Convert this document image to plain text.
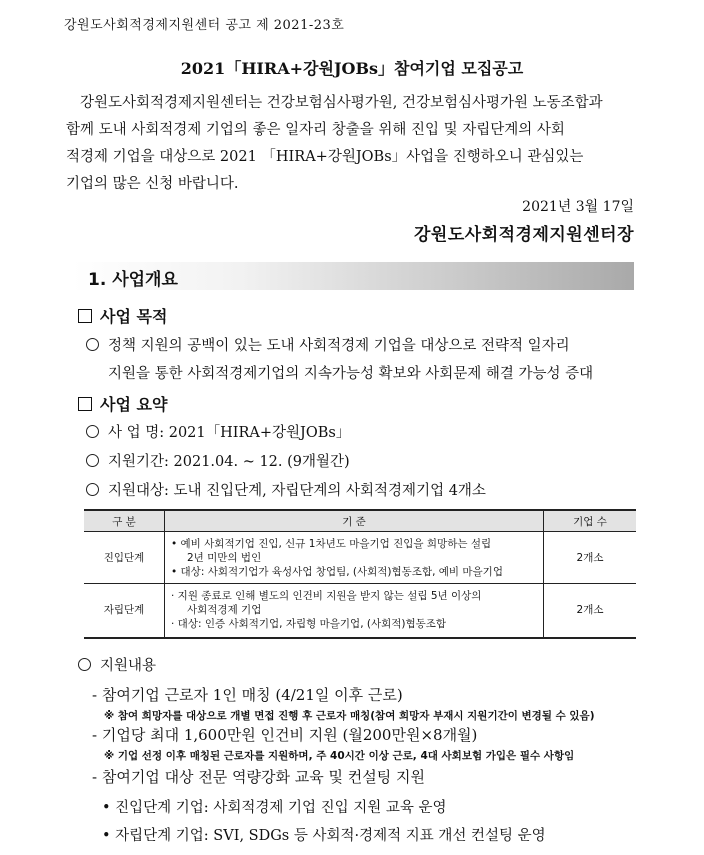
강원도사회적경제지원센터 공고 제 2021-23호
2021「HIRA+강원JOBs」참여기업 모집공고
강원도사회적경제지원센터는 건강보험심사평가원, 건강보험심사평가원 노동조합과
함께 도내 사회적경제 기업의 좋은 일자리 창출을 위해 진입 및 자립단계의 사회
적경제 기업을 대상으로 2021 「HIRA+강원JOBs」사업을 진행하오니 관심있는
기업의 많은 신청 바랍니다.
2021년 3월 17일
강원도사회적경제지원센터장
1. 사업개요
사업 목적
정책 지원의 공백이 있는 도내 사회적경제 기업을 대상으로 전략적 일자리
지원을 통한 사회적경제기업의 지속가능성 확보와 사회문제 해결 가능성 증대
사업 요약
사 업 명: 2021「HIRA+강원JOBs」
지원기간: 2021.04. ~ 12. (9개월간)
지원대상: 도내 진입단계, 자립단계의 사회적경제기업 4개소
구 분	기 준	기업 수
진입단계	• 예비 사회적기업 진입, 신규 1차년도 마을기업 진입을 희망하는 설립
2년 미만의 법인
• 대상: 사회적기업가 육성사업 창업팀, (사회적)협동조합, 예비 마을기업	2개소
자립단계	· 지원 종료로 인해 별도의 인건비 지원을 받지 않는 설립 5년 이상의
사회적경제 기업
· 대상: 인증 사회적기업, 자립형 마을기업, (사회적)협동조합	2개소
지원내용
- 참여기업 근로자 1인 매칭 (4/21일 이후 근로)
※ 참여 희망자를 대상으로 개별 면접 진행 후 근로자 매칭(참여 희망자 부재시 지원기간이 변경될 수 있음)
- 기업당 최대 1,600만원 인건비 지원 (월200만원×8개월)
※ 기업 선정 이후 매칭된 근로자를 지원하며, 주 40시간 이상 근로, 4대 사회보험 가입은 필수 사항임
- 참여기업 대상 전문 역량강화 교육 및 컨설팅 지원
• 진입단계 기업: 사회적경제 기업 진입 지원 교육 운영
• 자립단계 기업: SVI, SDGs 등 사회적·경제적 지표 개선 컨설팅 운영
